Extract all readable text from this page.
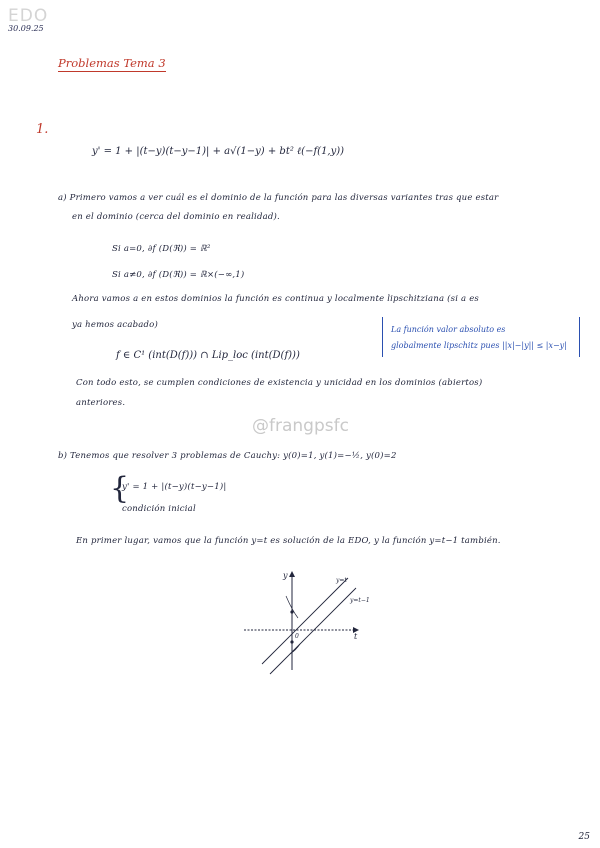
EDO
30.09.25
Problemas Tema 3
1.
y' = 1 + |(t−y)(t−y−1)| + a√(1−y) + bt² ℓ(−f(1,y))
a) Primero vamos a ver cuál es el dominio de la función para las diversas variantes tras que estar
en el dominio (cerca del dominio en realidad).
Si a=0, ∂f (D(ℜ)) = ℝ²
Si a≠0, ∂f (D(ℜ)) = ℝ×(−∞,1)
Ahora vamos a en estos dominios la función es continua y localmente lipschitziana (si a es
ya hemos acabado)
f ∈ C¹ (int(D(f))) ∩ Lip_loc (int(D(f)))
La función valor absoluto es
globalmente lipschitz pues ||x|−|y|| ≤ |x−y|
Con todo esto, se cumplen condiciones de existencia y unicidad en los dominios (abiertos)
anteriores.
@frangpsfc
b) Tenemos que resolver 3 problemas de Cauchy: y(0)=1, y(1)=−½, y(0)=2
{
y' = 1 + |(t−y)(t−y−1)|
condición inicial
En primer lugar, vamos que la función y=t es solución de la EDO, y la función y=t−1 también.
y
t
y=t
y=t−1
0
25
